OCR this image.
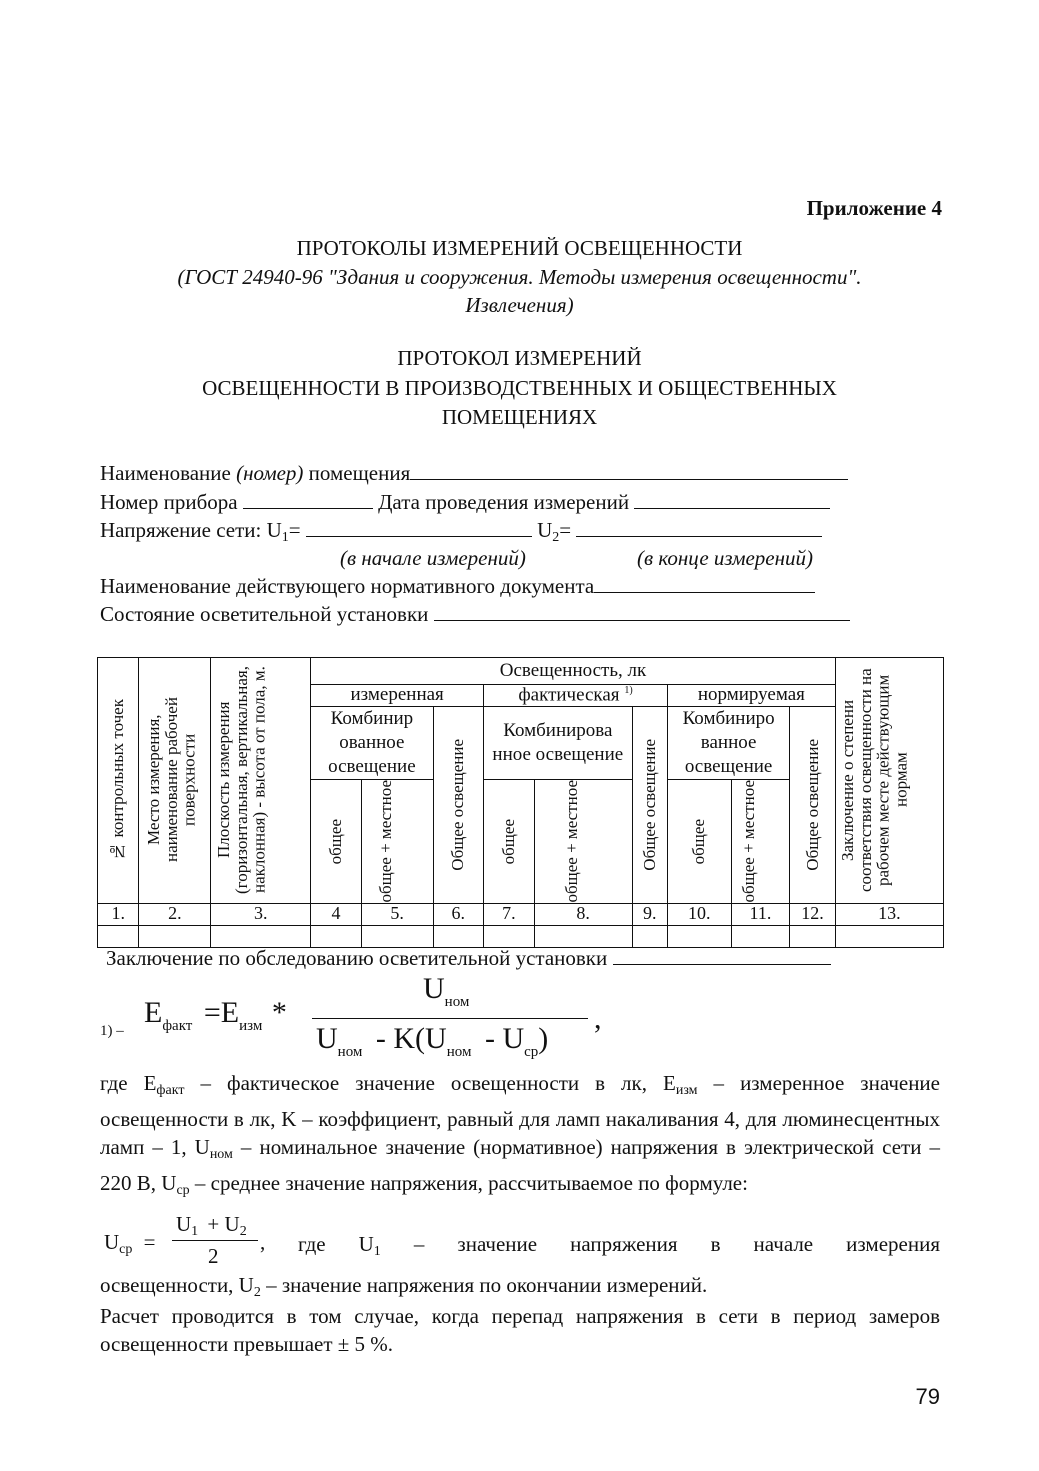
Приложение 4
ПРОТОКОЛЫ ИЗМЕРЕНИЙ ОСВЕЩЕННОСТИ
(ГОСТ 24940-96 "Здания и сооружения. Методы измерения освещенности".
Извлечения)
ПРОТОКОЛ ИЗМЕРЕНИЙ
ОСВЕЩЕННОСТИ В ПРОИЗВОДСТВЕННЫХ И ОБЩЕСТВЕННЫХ
ПОМЕЩЕНИЯХ
Наименование (номер) помещения
Номер прибора	Дата проведения измерений
Напряжение сети: U1=	U2=
(в начале измерений)	(в конце измерений)
Наименование действующего нормативного документа
Состояние осветительной установки
№ контрольных точек	Место измерения, наименование рабочей поверхности	Плоскость измерения (горизонтальная, вертикальная, наклонная) - высота от пола, м.	Освещенность, лк									Заключение о степени соответствия освещенности на рабочем месте действующим нормам

			измеренная			фактическая $^{1)}$			нормируемая			
			Комбинир ованное освещение		Общее освещение	Комбинирова нное освещение		Общее освещение	Комбиниро ванное освещение		Общее освещение	

			общее	общее + местное		общее	общее + местное		общее	общее + местное		

1.	2.	3.	4	5.	6.	7.	8.	9.	10.	11.	12.	13.

Заключение по обследованию осветительной установки
1) –
$E_{факт} =E_{изм}$ *
$U_{ном}$
$U_{ном} - K(U_{ном} - U_{ср})$
,
где Eфакт – фактическое значение освещенности в лк, Eизм – измеренное значение освещенности в лк, K – коэффициент, равный для ламп накаливания 4, для люминесцентных ламп – 1, Uном – номинальное значение (нормативное) напряжения в электрической сети – 220 В, Uср – среднее значение напряжения, рассчитываемое по формуле:
Uср =
U1 + U2
2
, где U1 – значение напряжения в начале измерения
освещенности, U2 – значение напряжения по окончании измерений.
Расчет проводится в том случае, когда перепад напряжения в сети в период замеров освещенности превышает ± 5 %.
79
